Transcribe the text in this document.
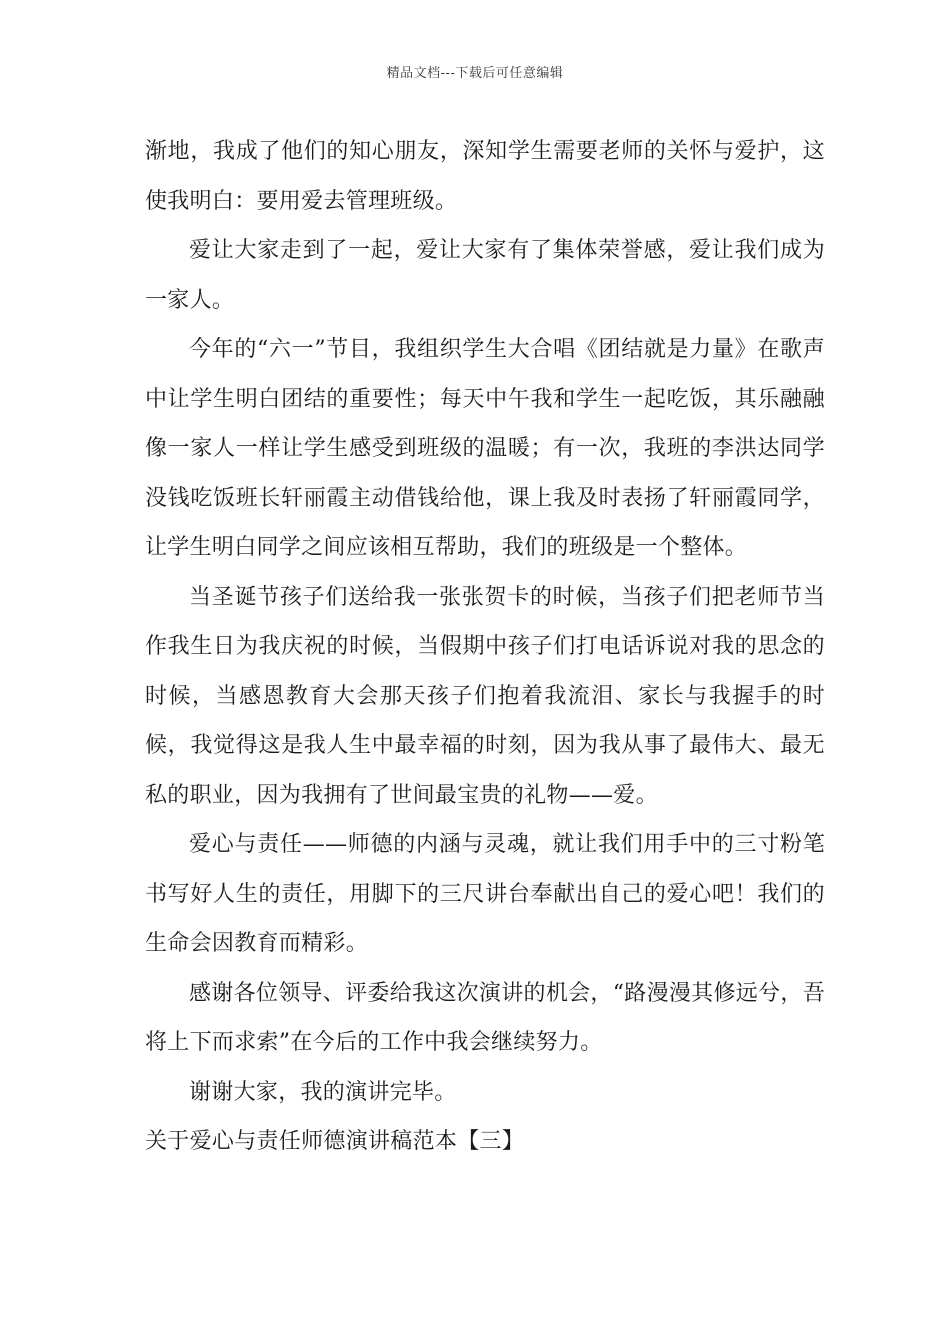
精品文档---下载后可任意编辑

渐地，我成了他们的知心朋友，深知学生需要老师的关怀与爱护，这使我明白：要用爱去管理班级。

爱让大家走到了一起，爱让大家有了集体荣誉感，爱让我们成为一家人。

今年的“六一”节目，我组织学生大合唱《团结就是力量》在歌声中让学生明白团结的重要性；每天中午我和学生一起吃饭，其乐融融像一家人一样让学生感受到班级的温暖；有一次，我班的李洪达同学没钱吃饭班长轩丽霞主动借钱给他，课上我及时表扬了轩丽霞同学，让学生明白同学之间应该相互帮助，我们的班级是一个整体。

当圣诞节孩子们送给我一张张贺卡的时候，当孩子们把老师节当作我生日为我庆祝的时候，当假期中孩子们打电话诉说对我的思念的时候，当感恩教育大会那天孩子们抱着我流泪、家长与我握手的时候，我觉得这是我人生中最幸福的时刻，因为我从事了最伟大、最无私的职业，因为我拥有了世间最宝贵的礼物——爱。

爱心与责任——师德的内涵与灵魂，就让我们用手中的三寸粉笔书写好人生的责任，用脚下的三尺讲台奉献出自己的爱心吧！我们的生命会因教育而精彩。

感谢各位领导、评委给我这次演讲的机会，“路漫漫其修远兮，吾将上下而求索”在今后的工作中我会继续努力。

谢谢大家，我的演讲完毕。

关于爱心与责任师德演讲稿范本【三】
